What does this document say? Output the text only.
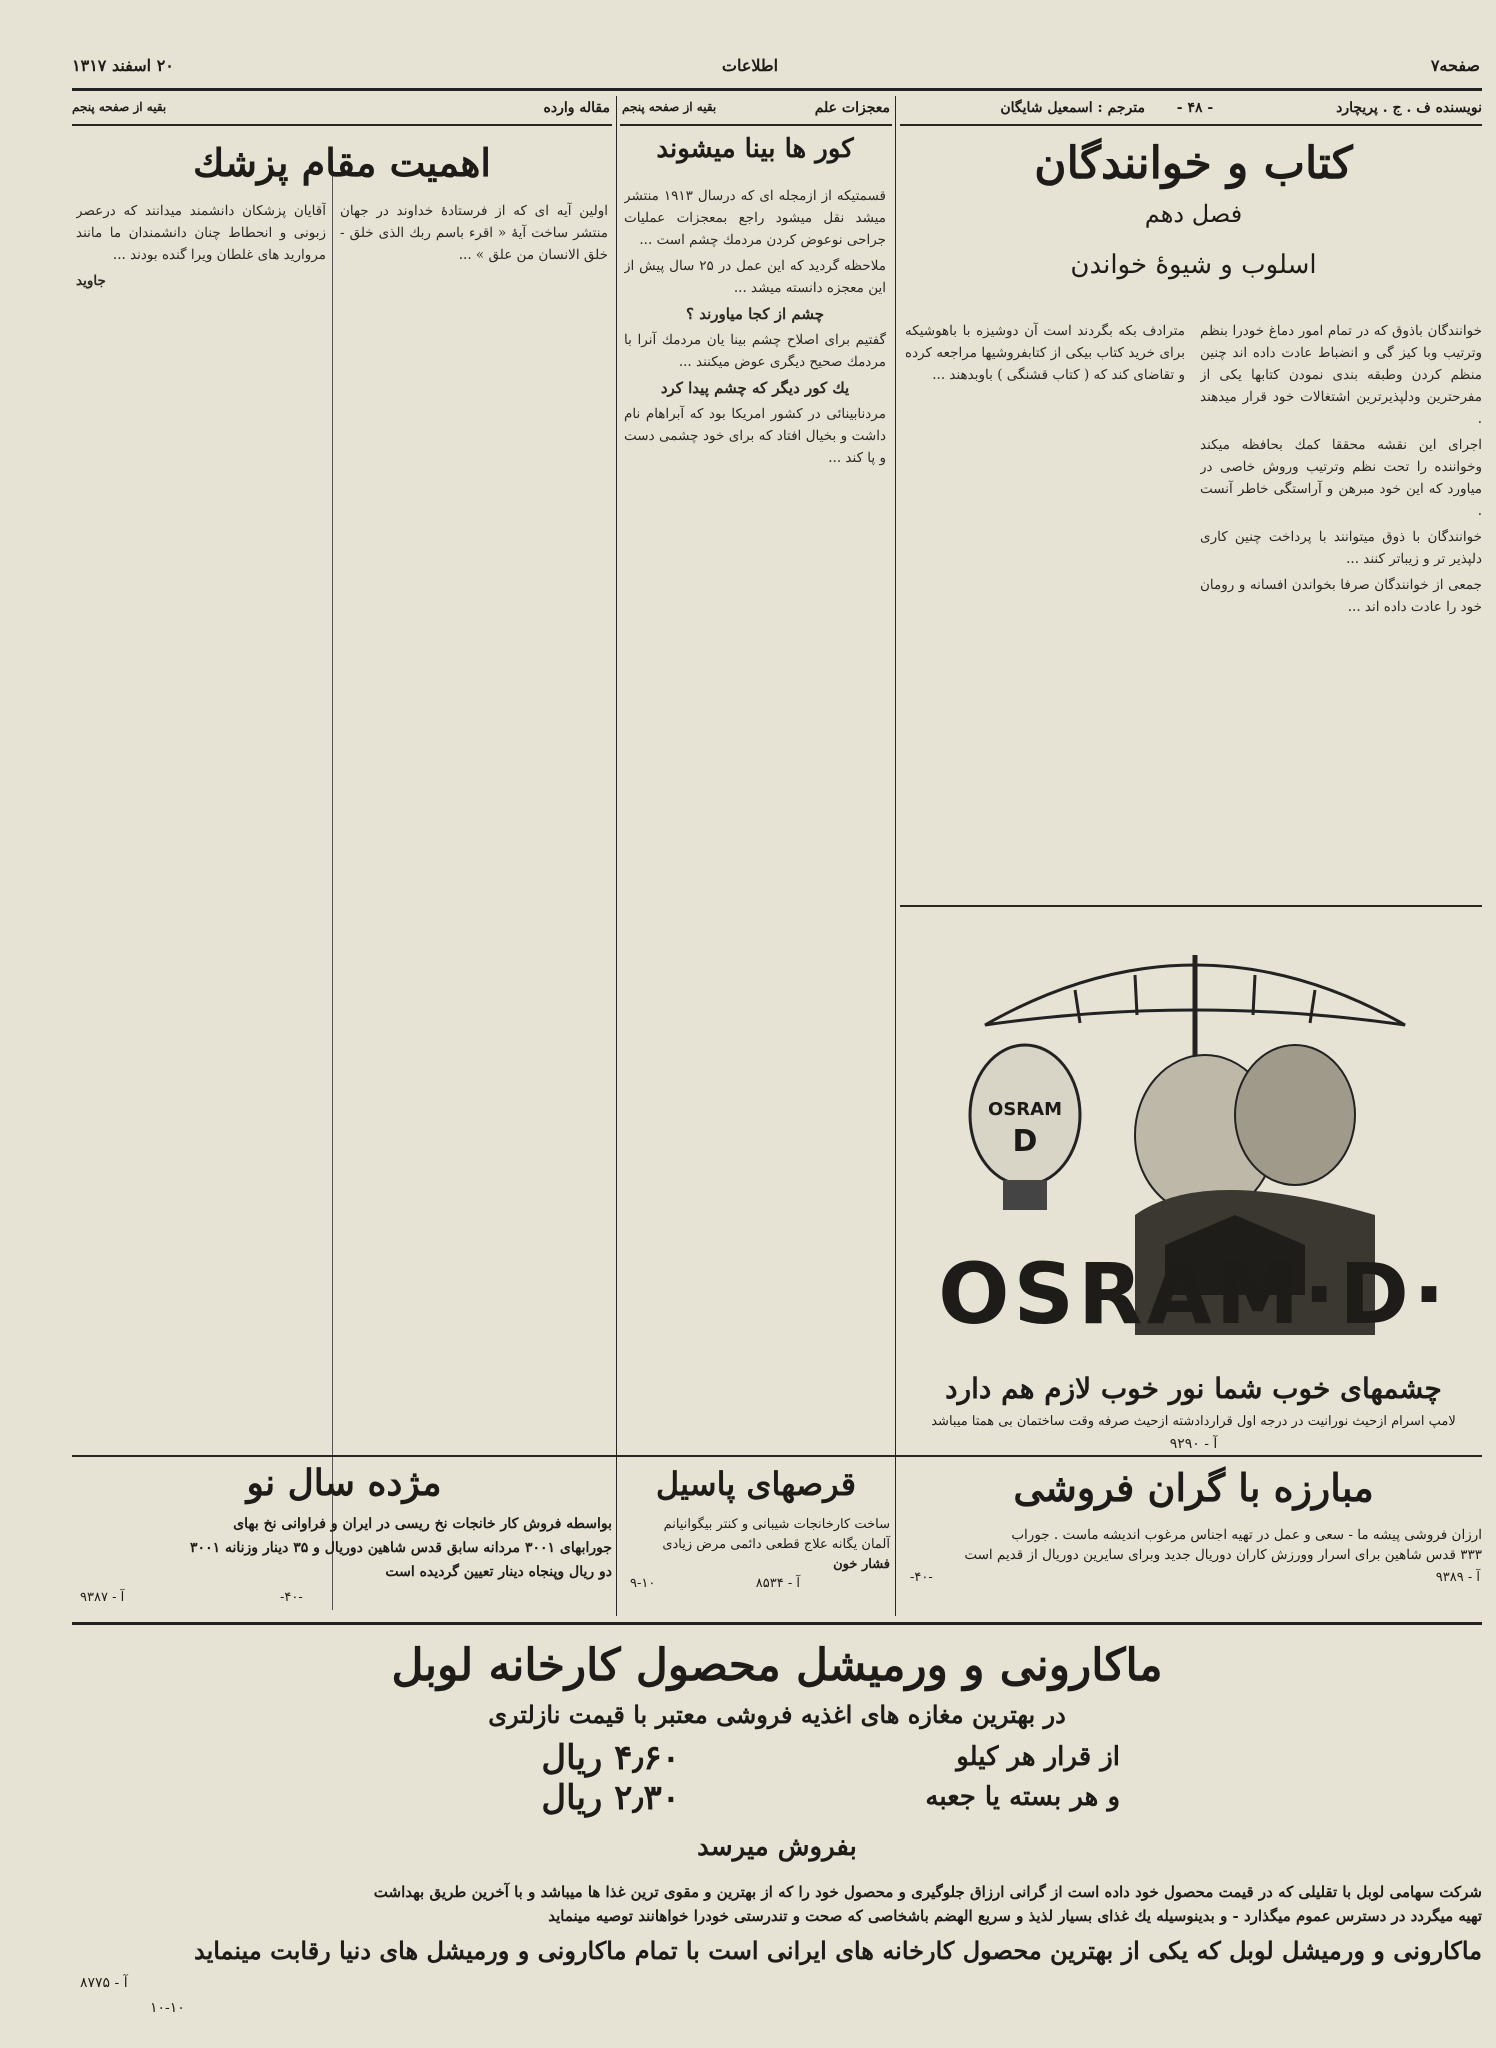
صفحه۷
اطلاعات
۲۰ اسفند ۱۳۱۷
نویسنده ف . ج . پریچارد
- ۴۸ -
مترجم : اسمعیل شایگان
کتاب و خوانندگان
فصل دهم
اسلوب و شیوهٔ خواندن

مترادف بکه بگردند است آن دوشیزه با باهوشیکه برای خرید کتاب بیکی از کتابفروشیها مراجعه کرده و تقاضای کند که ( کتاب قشنگی ) باوبدهند ...

خوانندگان باذوق که در تمام امور دماغ خودرا بنظم وترتیب وبا کیز گی و انضباط عادت داده اند چنین منظم کردن وطبقه بندی نمودن کتابها یکی از مفرحترین ودلپذیرترین اشتغالات خود قرار میدهند .

اجرای این نقشه محققا کمك بحافظه میکند وخواننده را تحت نظم وترتیب وروش خاصی در میاورد که این خود مبرهن و آراستگی خاطر آنست .

خوانندگان با ذوق میتوانند با پرداخت چنین کاری دلپذیر تر و زیباتر کنند ...

جمعی از خوانندگان صرفا بخواندن افسانه و رومان خود را عادت داده اند ...

OSRAM
D
OSRAM·D·
چشمهای خوب شما نور خوب لازم هم دارد
لامپ اسرام ازحیث نورانیت در درجه اول قراردادشته ازحیث صرفه وقت ساختمان بی همتا میباشد
آ - ۹۲۹۰
معجزات علم
بقیه از صفحه پنجم
کور ها بینا میشوند

قسمتیکه از ازمجله ای که درسال ۱۹۱۳ منتشر میشد نقل میشود راجع بمعجزات عملیات جراحی نوعوض کردن مردمك چشم است ...

ملاحظه گردید که این عمل در ۲۵ سال پیش از این معجزه دانسته میشد ...

چشم از کجا میاورند ؟

گفتیم برای اصلاح چشم بینا یان مردمك آنرا با مردمك صحیح دیگری عوض میکنند ...

یك کور دیگر که چشم پیدا کرد

مردنابینائی در کشور امریکا بود که آبراهام نام داشت و بخیال افتاد که برای خود چشمی دست و پا کند ...

مقاله وارده
بقیه از صفحه پنجم
اهمیت مقام پزشك

اولین آیه ای که از فرستادهٔ خداوند در جهان منتشر ساخت آیهٔ « اقرء باسم ربك الذی خلق - خلق الانسان من علق » ...

آقایان پزشکان دانشمند میدانند که درعصر زبونی و انحطاط چنان دانشمندان ما مانند مروارید های غلطان ویرا گنده بودند ...

جاوید

مژده سال نو
بواسطه فروش کار خانجات نخ ریسی در ایران و فراوانی نخ بهای
جورابهای ۳۰۰۱ مردانه سابق قدس شاهین دوریال و ۳۵ دینار وزنانه ۳۰۰۱
دو ریال وپنجاه دینار تعیین گردیده است
آ - ۹۳۸۷	-۴۰-
قرصهای پاسیل
ساخت کارخانجات شیبانی و کنتر بیگوانیانم
آلمان یگانه علاج قطعی دائمی مرض زیادی
فشار خون
آ - ۸۵۳۴
۹-۱۰
مبارزه با گران فروشی
ارزان فروشی پیشه ما - سعی و عمل در تهیه اجناس مرغوب اندیشه ماست . جوراب
۳۳۳ قدس شاهین برای اسرار وورزش کاران دوریال جدید وبرای سایرین دوریال از قدیم است
آ - ۹۳۸۹
-۴۰-
ماکارونی و ورمیشل محصول کارخانه لوبل
در بهترین مغازه های اغذیه فروشی معتبر با قیمت نازلتری
از قرار هر کیلو
۴٫۶۰ ریال
و هر بسته یا جعبه
۲٫۳۰ ریال
بفروش میرسد
شرکت سهامی لوبل با تقلیلی که در قیمت محصول خود داده است از گرانی ارزاق جلوگیری و محصول خود را که از بهترین و مقوی ترین غذا ها میباشد و با آخرین طریق بهداشت
تهیه میگردد در دسترس عموم میگذارد - و بدینوسیله یك غذای بسیار لذیذ و سریع الهضم باشخاصی که صحت و تندرستی خودرا خواهانند توصیه مینماید
ماکارونی و ورمیشل لوبل که یکی از بهترین محصول کارخانه های ایرانی است با تمام ماکارونی و ورمیشل های دنیا رقابت مینماید
آ - ۸۷۷۵
۱۰-۱۰
